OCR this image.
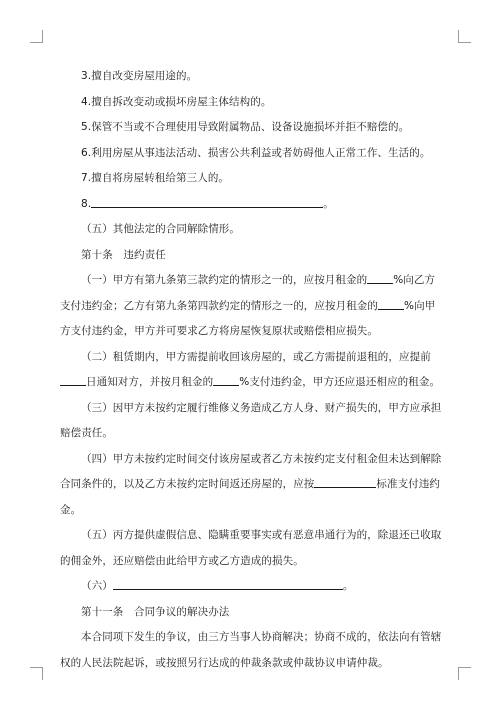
3.擅自改变房屋用途的。

4.擅自拆改变动或损坏房屋主体结构的。

5.保管不当或不合理使用导致附属物品、设备设施损坏并拒不赔偿的。

6.利用房屋从事违法活动、损害公共利益或者妨碍他人正常工作、生活的。

7.擅自将房屋转租给第三人的。

8.	。

（五）其他法定的合同解除情形。

第十条　违约责任

（一）甲方有第九条第三款约定的情形之一的，应按月租金的 %向乙方支付违约金；乙方有第九条第四款约定的情形之一的，应按月租金的 %向甲方支付违约金，甲方并可要求乙方将房屋恢复原状或赔偿相应损失。

（二）租赁期内，甲方需提前收回该房屋的，或乙方需提前退租的，应提前日通知对方，并按月租金的 %支付违约金，甲方还应退还相应的租金。

（三）因甲方未按约定履行维修义务造成乙方人身、财产损失的，甲方应承担赔偿责任。

（四）甲方未按约定时间交付该房屋或者乙方未按约定支付租金但未达到解除合同条件的，以及乙方未按约定时间返还房屋的，应按	标准支付违约金。

（五）丙方提供虚假信息、隐瞒重要事实或有恶意串通行为的，除退还已收取的佣金外，还应赔偿由此给甲方或乙方造成的损失。

（六）	。

第十一条　合同争议的解决办法

本合同项下发生的争议，由三方当事人协商解决；协商不成的，依法向有管辖权的人民法院起诉，或按照另行达成的仲裁条款或仲裁协议申请仲裁。
